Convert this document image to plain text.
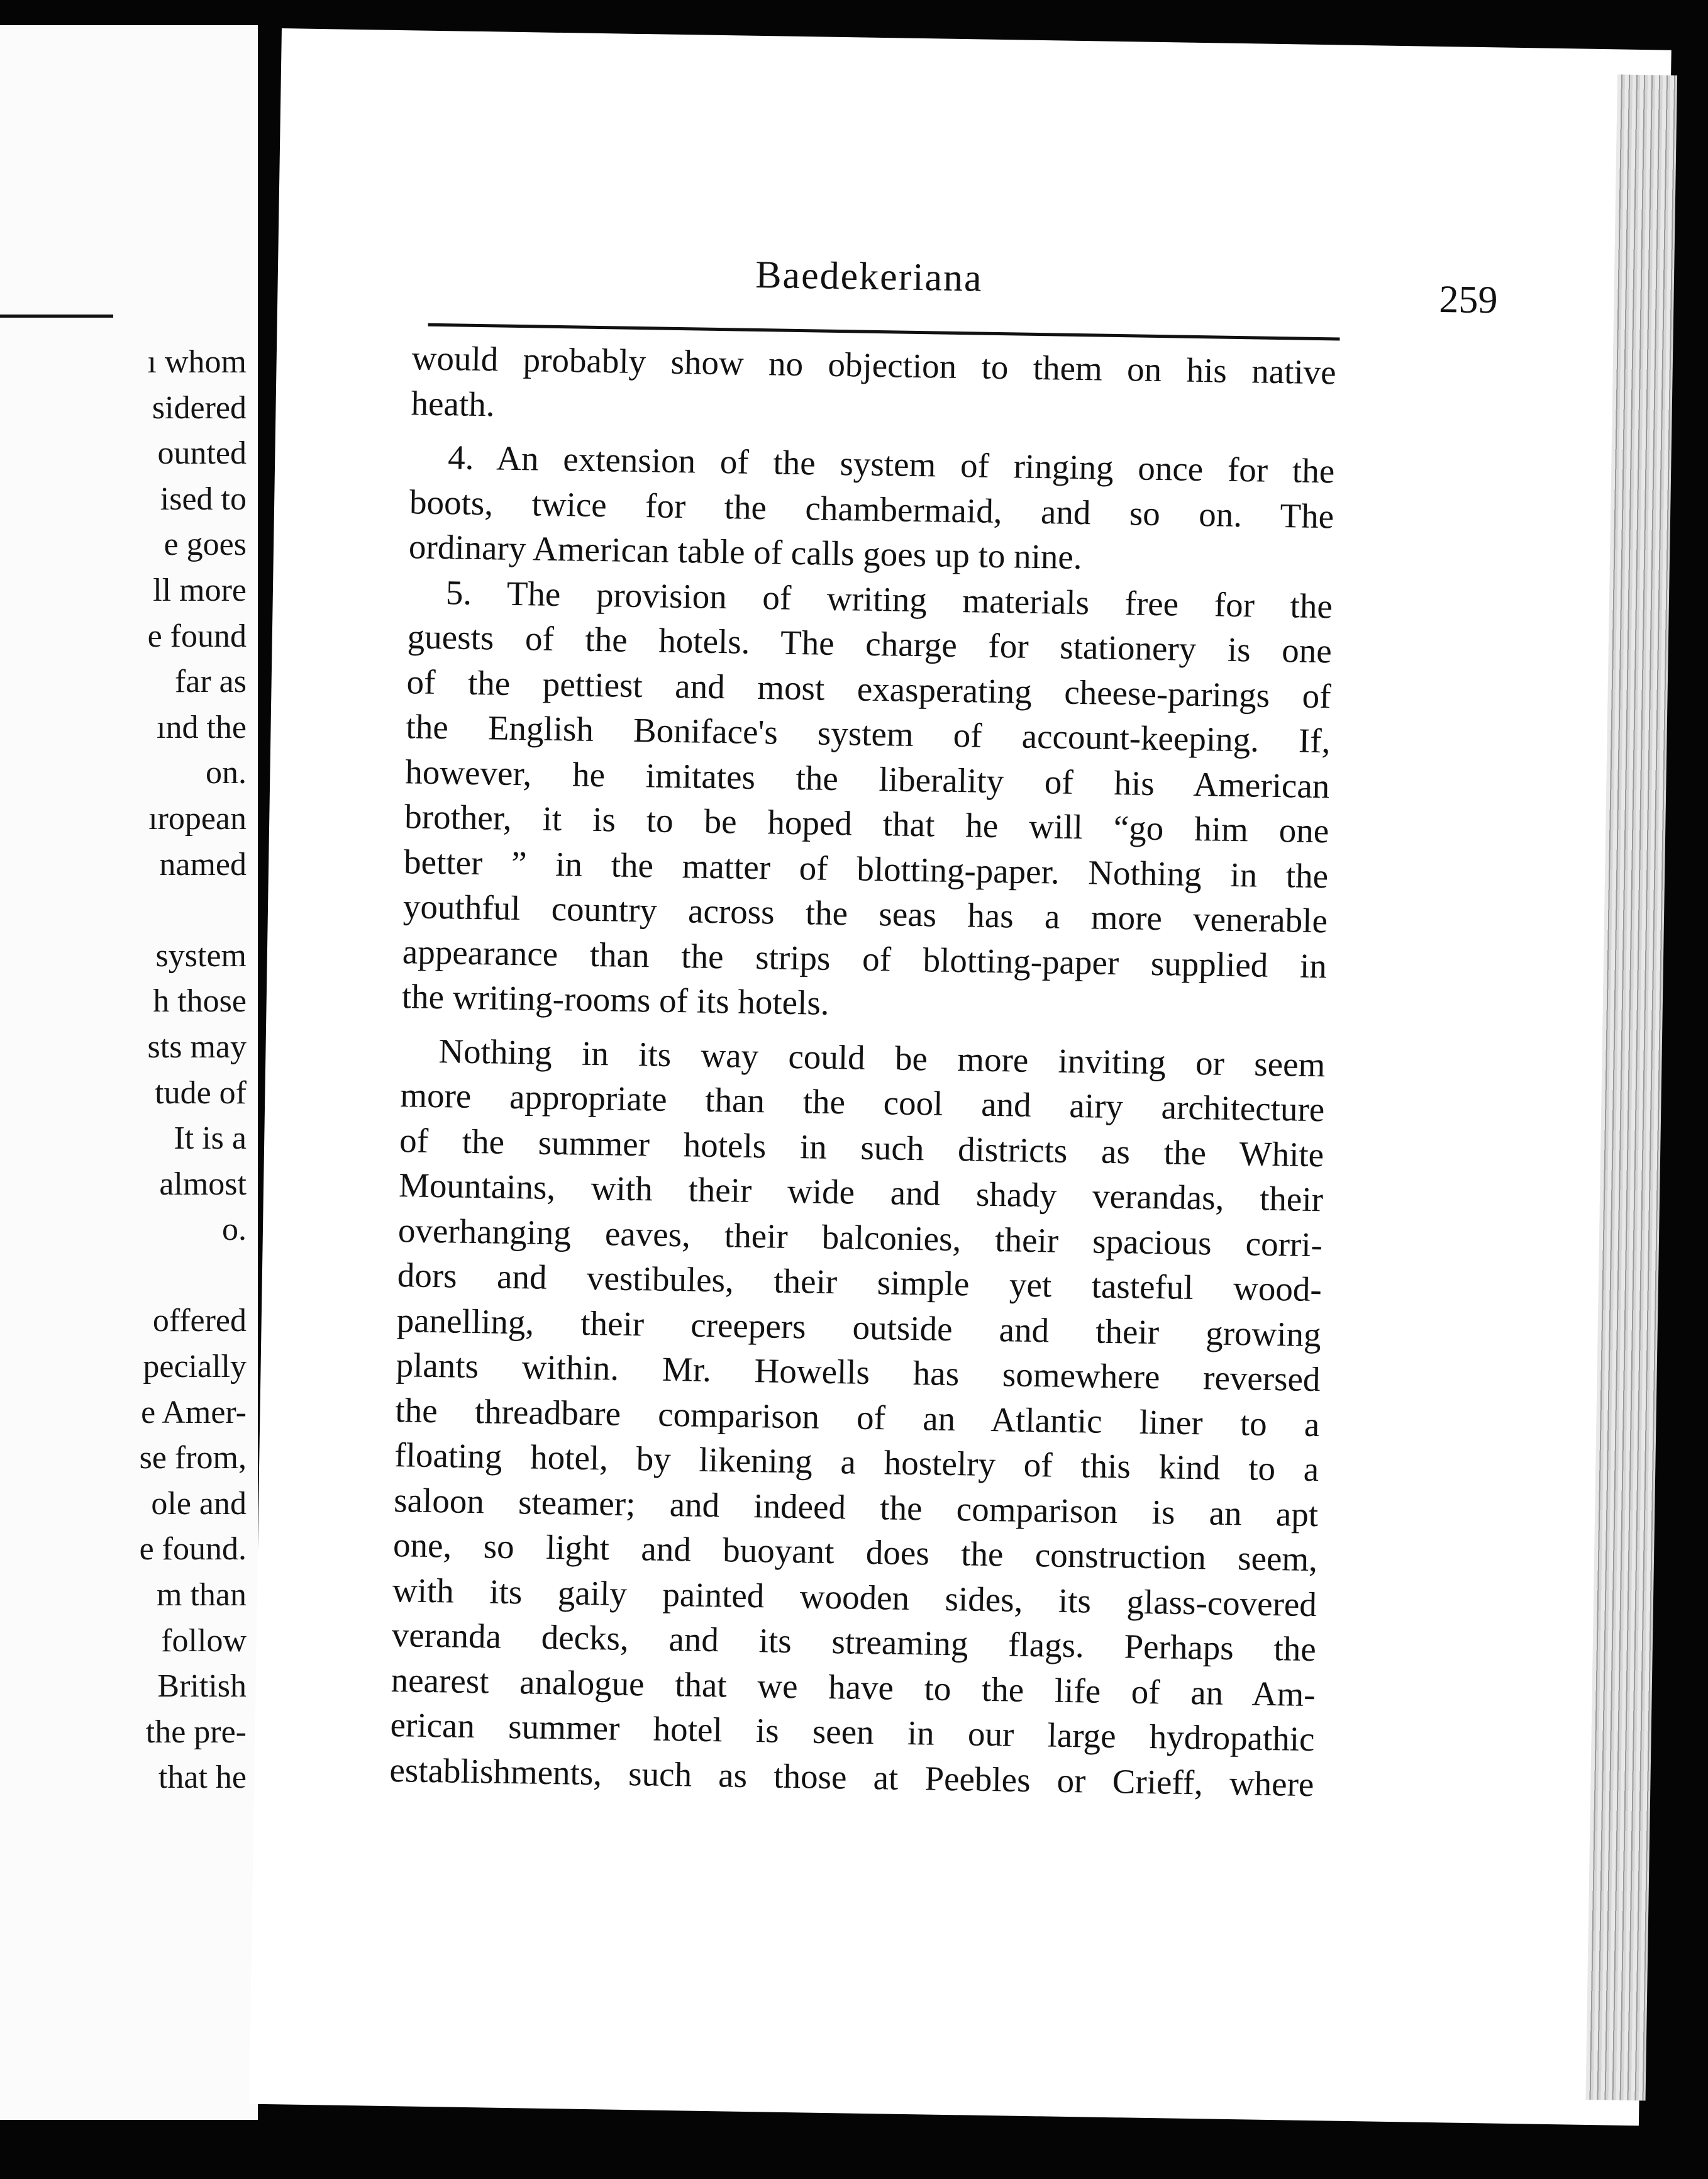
ı whom
sidered
ounted
ised to
e goes
ll more
e found
far as
ınd the
on.
ıropean
named
system
h those
sts may
tude of
It is a
almost
o.
offered
pecially
e Amer-
se from,
ole and
e found.
m than
follow
British
the pre-
that he
Baedekeriana
259
would probably show no objection to them on his native
heath.
4. An extension of the system of ringing once for the
boots, twice for the chambermaid, and so on. The
ordinary American table of calls goes up to nine.
5. The provision of writing materials free for the
guests of the hotels. The charge for stationery is one
of the pettiest and most exasperating cheese-parings of
the English Boniface's system of account-keeping. If,
however, he imitates the liberality of his American
brother, it is to be hoped that he will “go him one
better ” in the matter of blotting-paper. Nothing in the
youthful country across the seas has a more venerable
appearance than the strips of blotting-paper supplied in
the writing-rooms of its hotels.
Nothing in its way could be more inviting or seem
more appropriate than the cool and airy architecture
of the summer hotels in such districts as the White
Mountains, with their wide and shady verandas, their
overhanging eaves, their balconies, their spacious corri-
dors and vestibules, their simple yet tasteful wood-
panelling, their creepers outside and their growing
plants within. Mr. Howells has somewhere reversed
the threadbare comparison of an Atlantic liner to a
floating hotel, by likening a hostelry of this kind to a
saloon steamer; and indeed the comparison is an apt
one, so light and buoyant does the construction seem,
with its gaily painted wooden sides, its glass-covered
veranda decks, and its streaming flags. Perhaps the
nearest analogue that we have to the life of an Am-
erican summer hotel is seen in our large hydropathic
establishments, such as those at Peebles or Crieff, where
